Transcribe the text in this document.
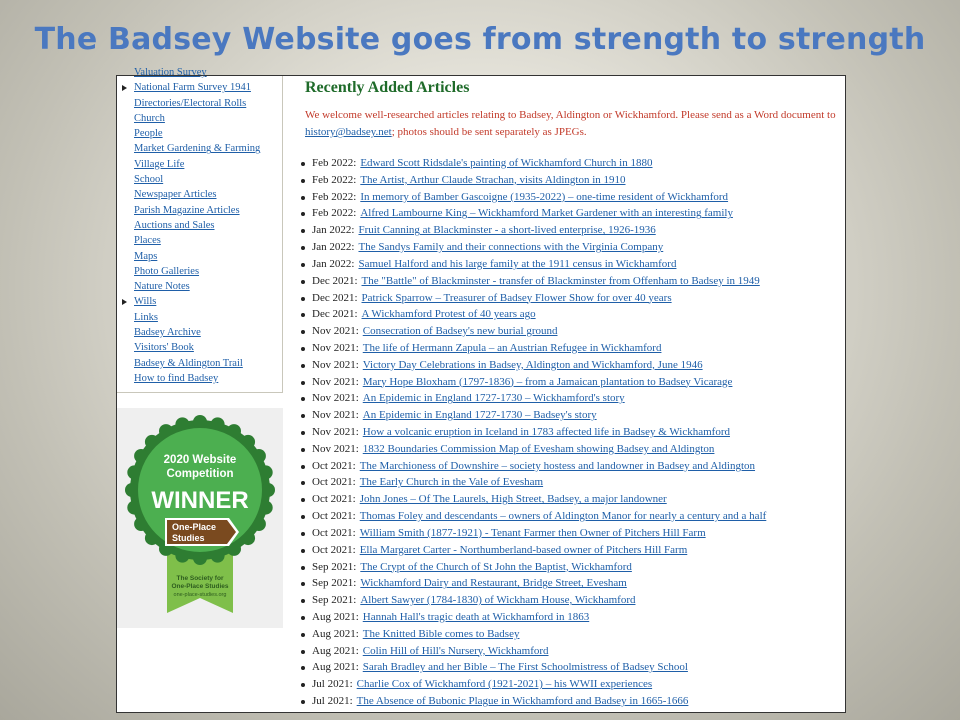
The Badsey Website goes from strength to strength
Valuation Survey
National Farm Survey 1941
Directories/Electoral Rolls
Church
People
Market Gardening & Farming
Village Life
School
Newspaper Articles
Parish Magazine Articles
Auctions and Sales
Places
Maps
Photo Galleries
Nature Notes
Wills
Links
Badsey Archive
Visitors' Book
Badsey & Aldington Trail
How to find Badsey
2020 Website
Competition
WINNER
One-Place
Studies
The Society for
One-Place Studies
one-place-studies.org
Recently Added Articles

We welcome well-researched articles relating to Badsey, Aldington or Wickhamford. Please send as a Word document to history@badsey.net; photos should be sent separately as JPEGs.

Feb 2022: Edward Scott Ridsdale's painting of Wickhamford Church in 1880
Feb 2022: The Artist, Arthur Claude Strachan, visits Aldington in 1910
Feb 2022: In memory of Bamber Gascoigne (1935-2022) – one-time resident of Wickhamford
Feb 2022: Alfred Lambourne King – Wickhamford Market Gardener with an interesting family
Jan 2022: Fruit Canning at Blackminster - a short-lived enterprise, 1926-1936
Jan 2022: The Sandys Family and their connections with the Virginia Company
Jan 2022: Samuel Halford and his large family at the 1911 census in Wickhamford
Dec 2021: The "Battle" of Blackminster - transfer of Blackminster from Offenham to Badsey in 1949
Dec 2021: Patrick Sparrow – Treasurer of Badsey Flower Show for over 40 years
Dec 2021: A Wickhamford Protest of 40 years ago
Nov 2021: Consecration of Badsey's new burial ground
Nov 2021: The life of Hermann Zapula – an Austrian Refugee in Wickhamford
Nov 2021: Victory Day Celebrations in Badsey, Aldington and Wickhamford, June 1946
Nov 2021: Mary Hope Bloxham (1797-1836) – from a Jamaican plantation to Badsey Vicarage
Nov 2021: An Epidemic in England 1727-1730 – Wickhamford's story
Nov 2021: An Epidemic in England 1727-1730 – Badsey's story
Nov 2021: How a volcanic eruption in Iceland in 1783 affected life in Badsey & Wickhamford
Nov 2021: 1832 Boundaries Commission Map of Evesham showing Badsey and Aldington
Oct 2021: The Marchioness of Downshire – society hostess and landowner in Badsey and Aldington
Oct 2021: The Early Church in the Vale of Evesham
Oct 2021: John Jones – Of The Laurels, High Street, Badsey, a major landowner
Oct 2021: Thomas Foley and descendants – owners of Aldington Manor for nearly a century and a half
Oct 2021: William Smith (1877-1921) - Tenant Farmer then Owner of Pitchers Hill Farm
Oct 2021: Ella Margaret Carter - Northumberland-based owner of Pitchers Hill Farm
Sep 2021: The Crypt of the Church of St John the Baptist, Wickhamford
Sep 2021: Wickhamford Dairy and Restaurant, Bridge Street, Evesham
Sep 2021: Albert Sawyer (1784-1830) of Wickham House, Wickhamford
Aug 2021: Hannah Hall's tragic death at Wickhamford in 1863
Aug 2021: The Knitted Bible comes to Badsey
Aug 2021: Colin Hill of Hill's Nursery, Wickhamford
Aug 2021: Sarah Bradley and her Bible – The First Schoolmistress of Badsey School
Jul 2021: Charlie Cox of Wickhamford (1921-2021) – his WWII experiences
Jul 2021: The Absence of Bubonic Plague in Wickhamford and Badsey in 1665-1666
